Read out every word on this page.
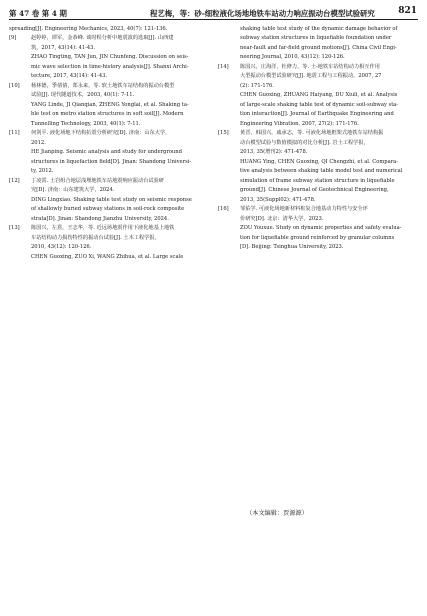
第 47 卷 第 4 期	程艺梅，等：砂-细粒液化场地地铁车站动力响应振动台模型试验研究	821
spreading[J]. Engineering Mechanics, 2023, 40(7): 121-136.
[9]	赵婷婷，谭军，金恭峰. 谈时程分析中地震波的选取[J]. 山西建
筑，2017, 43(14): 41-43.
ZHAO Tingting, TAN Jun, JIN Chunfeng. Discussion on seis-
mic wave selection in time-history analysis[J]. Shanxi Archi-
tecture, 2017, 43(14): 41-43.
[10] 杨林德，季倩倩，郑永来，等. 软土地铁车站结构的振动台模型
试验[J]. 现代隧道技术，2003, 40(1): 7-11.
YANG Linde, JI Qianqian, ZHENG Yonglai, et al. Shaking ta-
ble test on metro station structures in soft soil[J]. Modern
Tunnelling Technology, 2003, 40(1): 7-11.
[11] 何剑平. 液化场地下结构抗震分析研究[D]. 济南：山东大学，
2012.
HE Jianping. Seismic analysis and study for underground
structures in liquefaction field[D]. Jinan: Shandong Universi-
ty, 2012.
[12] 丁凌霄. 土岩组合地层浅埋地铁车站地震响应振动台试验研
究[D]. 济南：山东建筑大学，2024.
DING Lingxiao. Shaking table test study on seismic response
of shallowly buried subway stations in soil-rock composite
strata[D]. Jinan: Shandong Jianzhu University, 2024.
[13] 陈国兴，左熹，王志华，等. 近远场地震作用下液化地基上地铁
车站结构动力损伤特性的振动台试验[J]. 土木工程学报，
2010, 43(12): 120-126.
CHEN Guoxing, ZUO Xi, WANG Zhihua, et al. Large scale
shaking table test study of the dynamic damage behavior of
subway station structures in liquefiable foundation under
near-fault and far-field ground motions[J]. China Civil Engi-
neering Journal, 2010, 43(12): 120-126.
[14] 陈国兴，庄海洋，杜修力，等. 土-地铁车站结构动力相互作用
大型振动台模型试验研究[J]. 地震工程与工程振动，2007, 27
(2): 171-176.
CHEN Guoxing, ZHUANG Haiyang, DU Xiuli, et al. Analysis
of large-scale shaking table test of dynamic soil-subway sta-
tion interaction[J]. Journal of Earthquake Engineering and
Engineering Vibration, 2007, 27(2): 171-176.
[15] 黄晋，韩国兴，戚承志，等. 可液化场地框架式地铁车站结构振
动台模型试验与数值模拟的对比分析[J]. 岩土工程学报，
2013, 35(增刊2): 471-478.
HUANG Ying, CHEN Guoxing, QI Chengzhi, et al. Compara-
tive analysis between shaking table model test and numerical
simulation of frame subway station structure in liquefiable
ground[J]. Chinese Journal of Geotechnical Engineering,
2013, 35(Suppl02): 471-478.
[16] 邹佑学. 可液化场地新材料桩复合地基动力特性与安全评
价研究[D]. 北京：清华大学，2023.
ZOU Youxue. Study on dynamic properties and safety evalua-
tion for liquefiable ground reinforced by granular columns
[D]. Beijing: Tsinghua University, 2023.
（本文编辑：贾源源）
